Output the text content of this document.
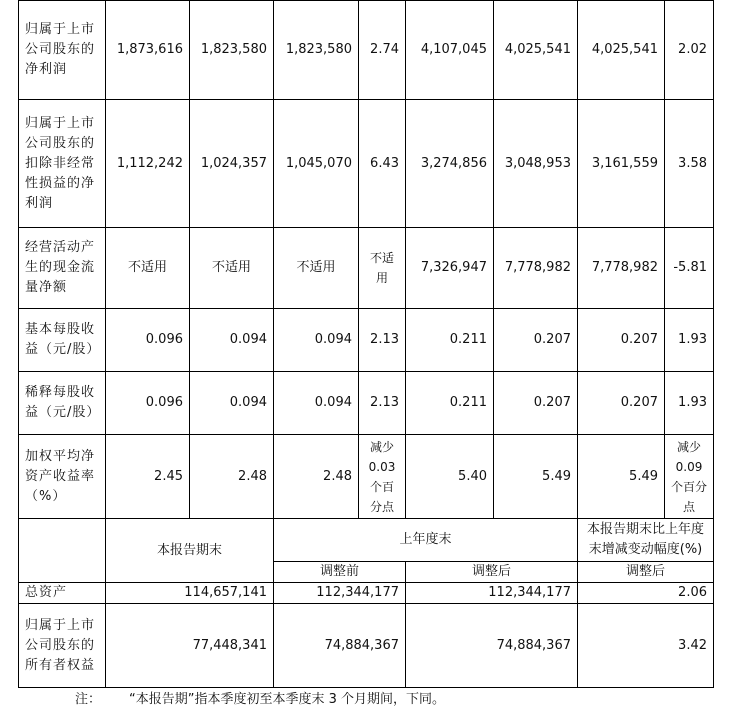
归属于上市公司股东的净利润	1,873,616	1,823,580	1,823,580	2.74	4,107,045	4,025,541	4,025,541	2.02
归属于上市公司股东的扣除非经常性损益的净利润	1,112,242	1,024,357	1,045,070	6.43	3,274,856	3,048,953	3,161,559	3.58
经营活动产生的现金流量净额	不适用	不适用	不适用	不适用	7,326,947	7,778,982	7,778,982	-5.81
基本每股收益（元/股）	0.096	0.094	0.094	2.13	0.211	0.207	0.207	1.93
稀释每股收益（元/股）	0.096	0.094	0.094	2.13	0.211	0.207	0.207	1.93
加权平均净资产收益率（%）	2.45	2.48	2.48	减少0.03个百分点	5.40	5.49	5.49	减少0.09个百分点
	本报告期末		上年度末				本报告期末比上年度末增减变动幅度(%)	
			调整前		调整后		调整后	
总资产	114,657,141		112,344,177		112,344,177		2.06	
归属于上市公司股东的所有者权益	77,448,341		74,884,367		74,884,367		3.42	
注： “本报告期”指本季度初至本季度末 3 个月期间，下同。
